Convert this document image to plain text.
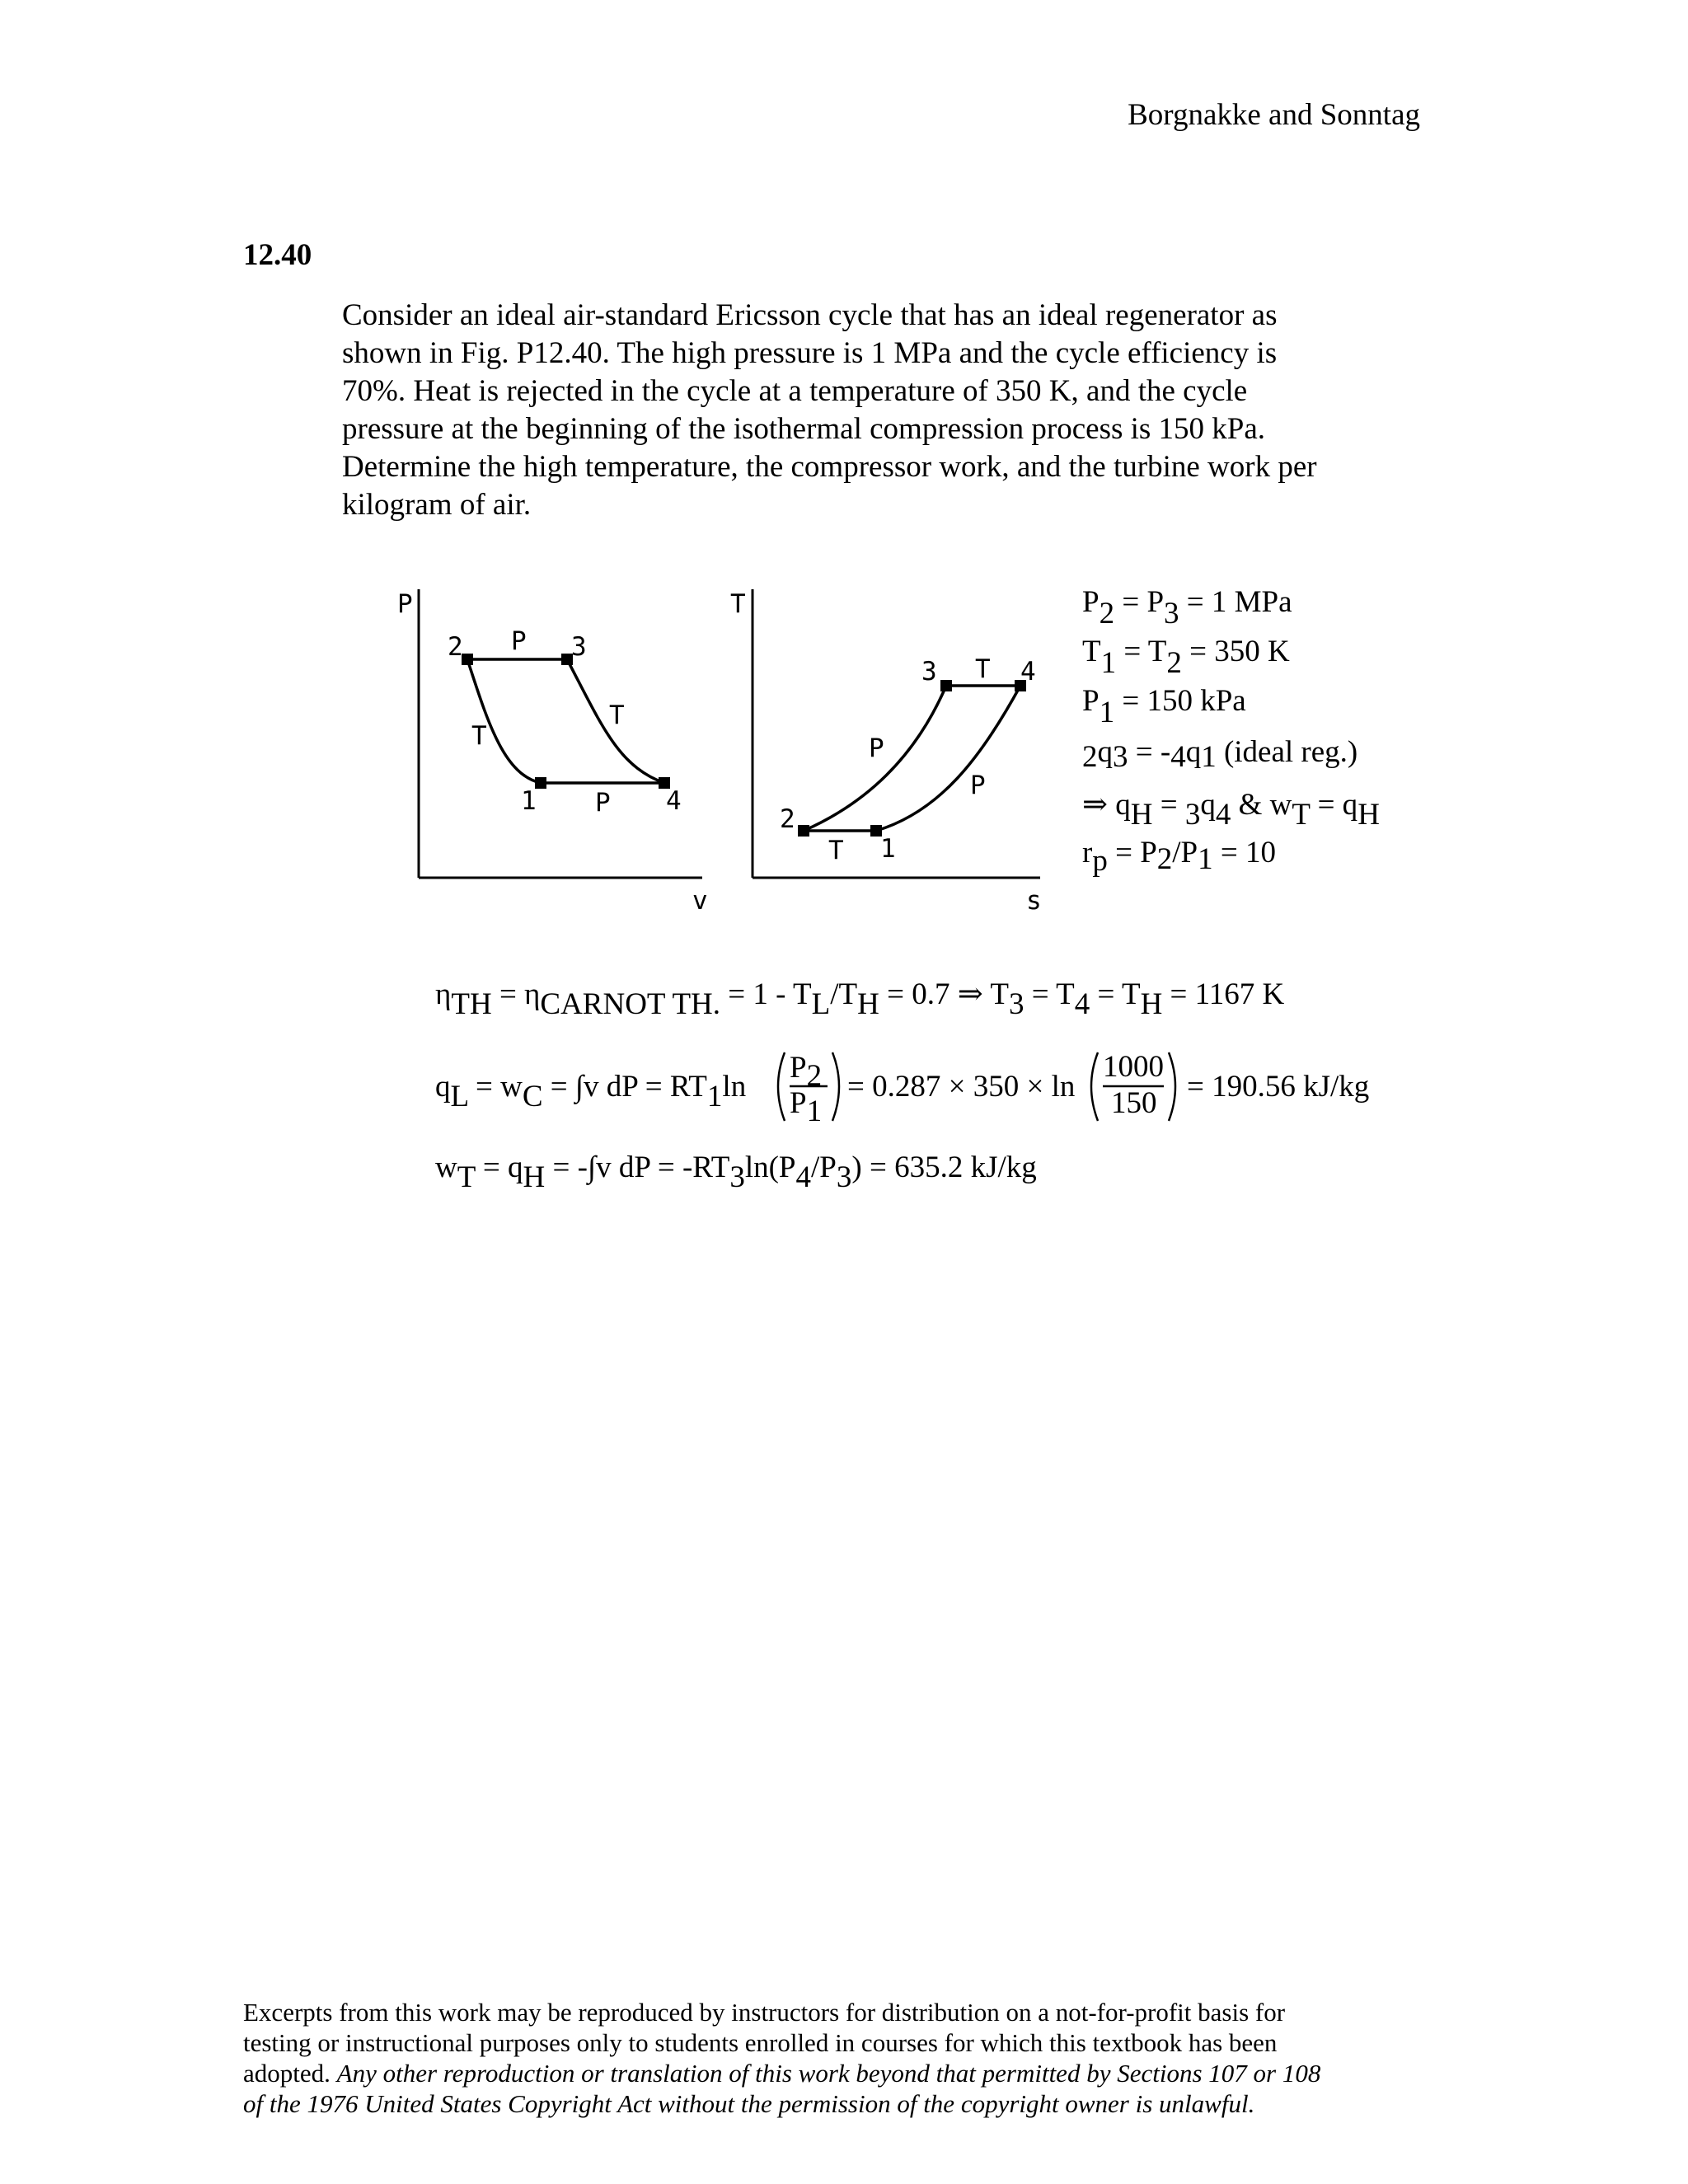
Borgnakke and Sonntag
12.40
Consider an ideal air-standard Ericsson cycle that has an ideal regenerator as
shown in Fig. P12.40. The high pressure is 1 MPa and the cycle efficiency is
70%. Heat is rejected in the cycle at a temperature of 350 K, and the cycle
pressure at the beginning of the isothermal compression process is 150 kPa.
Determine the high temperature, the compressor work, and the turbine work per
kilogram of air.
P
v
2	3
1	4
P
T
T
P
T
s
3	4
2
1
T
T
P
P
P2 = P3 = 1 MPa
T1 = T2 = 350 K
P1 = 150 kPa
2q3 = -4q1 (ideal reg.)
⇒ qH = 3q4 & wT = qH
rp = P2/P1 = 10
ηTH = ηCARNOT TH. = 1 - TL/TH = 0.7 ⇒ T3 = T4 = TH = 1167 K
qL = wC = ∫v dP = RT1ln
P2
P1
= 0.287 × 350 × ln
1000
150 = 190.56 kJ/kg
wT = qH = -∫v dP = -RT3ln(P4/P3) = 635.2 kJ/kg
Excerpts from this work may be reproduced by instructors for distribution on a not-for-profit basis for
testing or instructional purposes only to students enrolled in courses for which this textbook has been
adopted. Any other reproduction or translation of this work beyond that permitted by Sections 107 or 108
of the 1976 United States Copyright Act without the permission of the copyright owner is unlawful.
